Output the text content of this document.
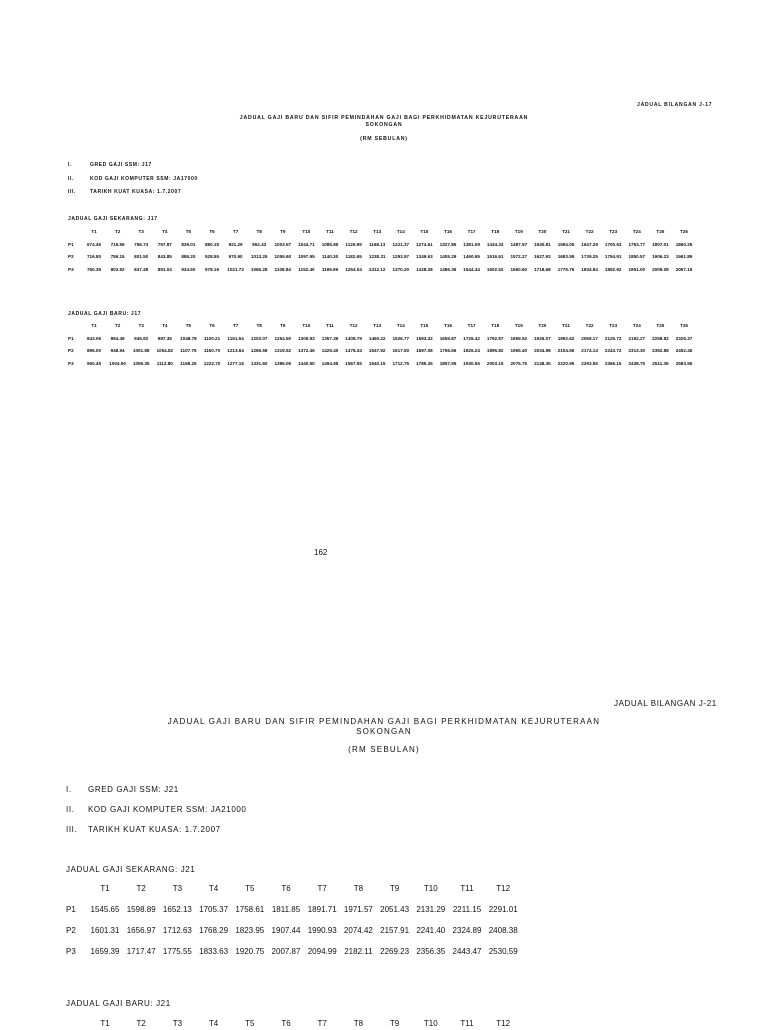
JADUAL BILANGAN J-17
JADUAL GAJI BARU DAN SIFIR PEMINDAHAN GAJI BAGI PERKHIDMATAN KEJURUTERAAN
SOKONGAN
(RM SEBULAN)
I.	GRED GAJI SSM: J17
II.	KOD GAJI KOMPUTER SSM: JA17000
III.	TARIKH KUAT KUASA: 1.7.2007
JADUAL GAJI SEKARANG: J17
T1	T2	T3	T4	T5	T6	T7	T8	T9	T10	T11	T12	T13	T14	T15	T16	T17	T18	T19	T20	T21	T22	T23	T24	T25	T26
P1	674.45 715.59 756.73 797.87 839.01 880.15 921.29 962.43 1003.57 1044.71 1085.85 1126.99 1168.13 1221.37 1274.61 1327.85 1381.09 1434.33 1487.57 1540.81 1594.05 1647.29 1700.53 1753.77 1807.01 1860.25
P2	716.80 759.15 801.50 843.85 886.20 928.55 970.90 1013.25 1055.60 1097.95 1140.30 1182.65 1238.31 1293.97 1349.63 1405.29 1460.95 1516.61 1572.27 1627.93 1683.59 1739.25 1794.91 1850.57 1906.23 1961.89
P3	760.36 803.92 847.48 891.04 934.60 978.16 1021.72 1065.28 1108.84 1152.40 1195.96 1254.04 1312.12 1370.20 1428.28 1486.36 1544.44 1602.52 1660.60 1718.68 1776.76 1834.84 1892.92 1951.00 2009.08 2067.16
JADUAL GAJI BARU: J17
T1	T2	T3	T4	T5	T6	T7	T8	T9	T10	T11	T12	T13	T14	T15	T16	T17	T18	T19	T20	T21	T22	T23	T24	T25	T26
P1	843.06 894.49 945.92 997.35 1048.78 1100.21 1151.64 1203.07 1254.50 1305.93 1357.36 1408.79 1460.22 1526.77 1593.32 1659.87 1726.42 1792.97 1859.52 1926.07 1992.62 2059.17 2125.72 2192.27 2258.82 2325.37
P2	896.00 948.94 1001.88 1054.82 1107.76 1160.70 1213.64 1266.58 1319.52 1372.46 1425.40 1478.34 1547.92 1617.50 1687.08 1756.66 1826.24 1895.82 1965.40 2034.98 2104.56 2174.14 2243.72 2313.30 2382.88 2452.46
P3	950.45 1004.90 1059.35 1113.80 1168.25 1222.70 1277.15 1331.60 1386.05 1440.50 1494.95 1567.55 1640.15 1712.75 1785.35 1857.95 1930.55 2003.15 2075.75 2148.35 2220.95 2293.55 2366.15 2438.75 2511.35 2583.95
162
JADUAL BILANGAN J-21
JADUAL GAJI BARU DAN SIFIR PEMINDAHAN GAJI BAGI PERKHIDMATAN KEJURUTERAAN
SOKONGAN
(RM SEBULAN)
I. GRED GAJI SSM: J21
II. KOD GAJI KOMPUTER SSM: JA21000
III. TARIKH KUAT KUASA: 1.7.2007
JADUAL GAJI SEKARANG: J21
T1	T2	T3	T4	T5	T6	T7	T8	T9	T10	T11	T12
P1 1545.65 1598.89 1652.13 1705.37 1758.61 1811.85 1891.71 1971.57 2051.43 2131.29 2211.15 2291.01
P2 1601.31 1656.97 1712.63 1768.29 1823.95 1907.44 1990.93 2074.42 2157.91 2241.40 2324.89 2408.38
P3 1659.39 1717.47 1775.55 1833.63 1920.75 2007.87 2094.99 2182.11 2269.23 2356.35 2443.47 2530.59
JADUAL GAJI BARU: J21
T1	T2	T3	T4	T5	T6	T7	T8	T9	T10	T11	T12
